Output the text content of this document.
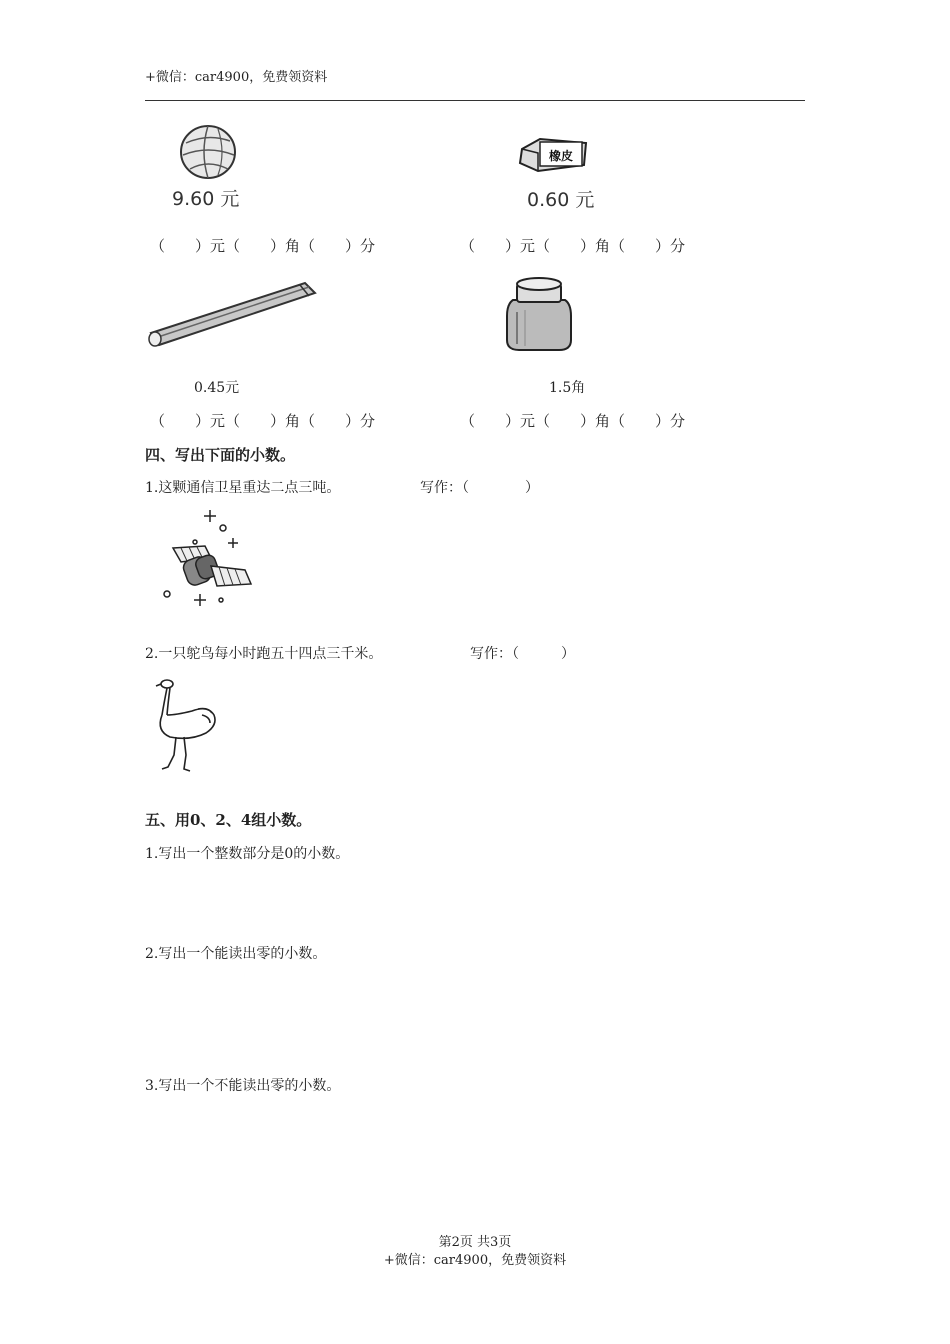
+微信：car4900，免费领资料
9.60 元
橡皮
0.60 元
（　　）元（　　）角（　　）分	（　　）元（　　）角（　　）分
0.45元	1.5角
（　　）元（　　）角（　　）分	（　　）元（　　）角（　　）分
四、写出下面的小数。
1.这颗通信卫星重达二点三吨。	写作：（　　　　）
2.一只鸵鸟每小时跑五十四点三千米。	写作：（　　　）
五、用0、2、4组小数。
1.写出一个整数部分是0的小数。
2.写出一个能读出零的小数。
3.写出一个不能读出零的小数。
第2页 共3页
+微信：car4900，免费领资料
